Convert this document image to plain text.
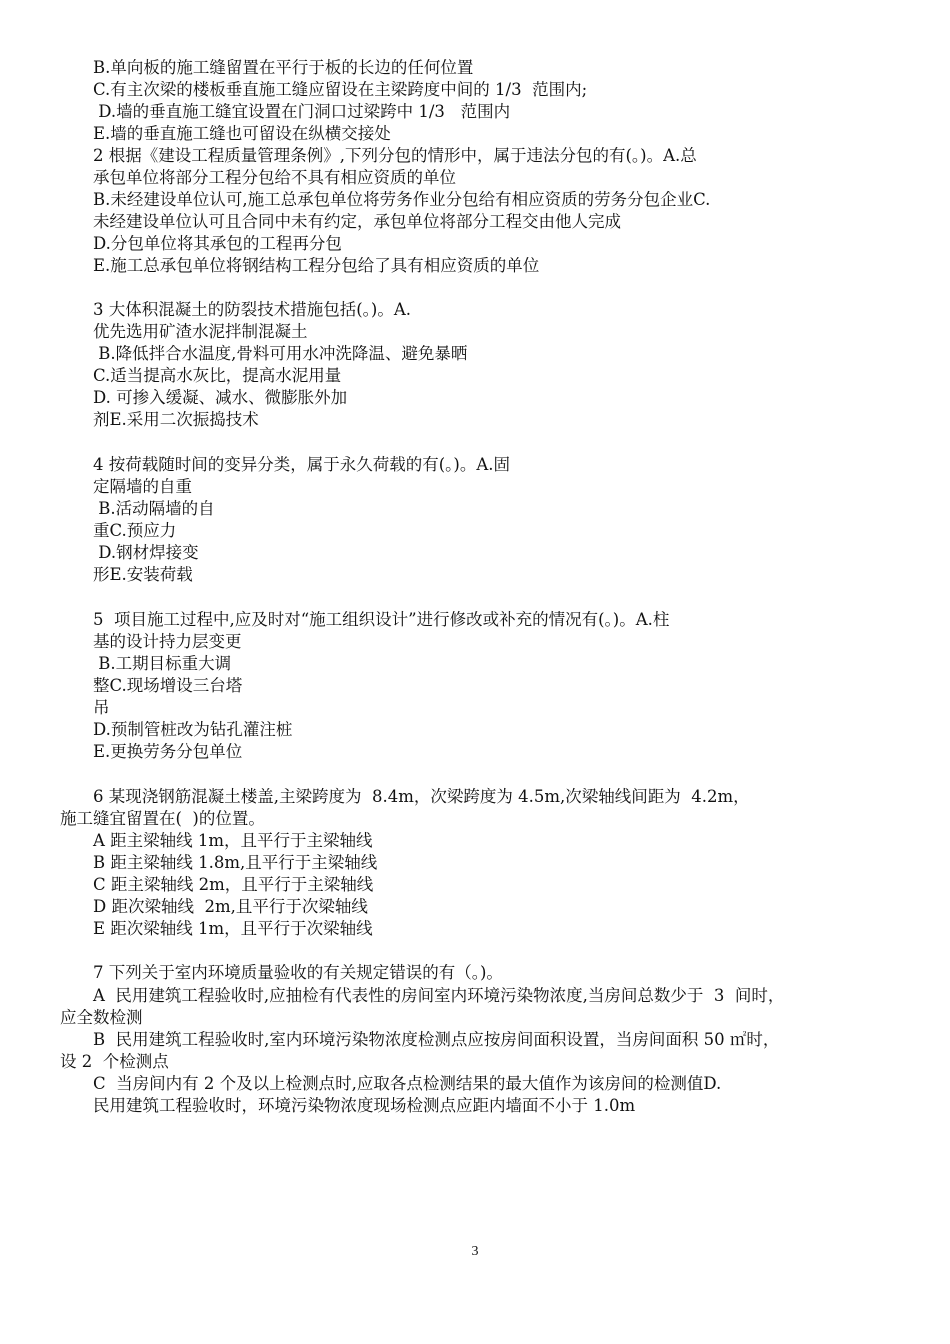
B.单向板的施工缝留置在平行于板的长边的任何位置
C.有主次梁的楼板垂直施工缝应留设在主梁跨度中间的 1/3  范围内;
D.墙的垂直施工缝宜设置在门洞口过梁跨中 1/3   范围内
E.墙的垂直施工缝也可留设在纵横交接处
2 根据《建设工程质量管理条例》,下列分包的情形中，属于违法分包的有(。)。A.总
承包单位将部分工程分包给不具有相应资质的单位
B.未经建设单位认可,施工总承包单位将劳务作业分包给有相应资质的劳务分包企业C.
未经建设单位认可且合同中未有约定，承包单位将部分工程交由他人完成
D.分包单位将其承包的工程再分包
E.施工总承包单位将钢结构工程分包给了具有相应资质的单位
3 大体积混凝土的防裂技术措施包括(。)。A.
优先选用矿渣水泥拌制混凝土
B.降低拌合水温度,骨料可用水冲洗降温、避免暴晒
C.适当提高水灰比，提高水泥用量
D. 可掺入缓凝、减水、微膨胀外加
剂E.采用二次振捣技术
4 按荷载随时间的变异分类，属于永久荷载的有(。)。A.固
定隔墙的自重
B.活动隔墙的自
重C.预应力
D.钢材焊接变
形E.安装荷载
5  项目施工过程中,应及时对“施工组织设计”进行修改或补充的情况有(。)。A.柱
基的设计持力层变更
B.工期目标重大调
整C.现场增设三台塔
吊
D.预制管桩改为钻孔灌注桩
E.更换劳务分包单位
6 某现浇钢筋混凝土楼盖,主梁跨度为  8.4m，次梁跨度为 4.5m,次梁轴线间距为  4.2m，
施工缝宜留置在(  )的位置。
A 距主梁轴线 1m，且平行于主梁轴线
B 距主梁轴线 1.8m,且平行于主梁轴线
C 距主梁轴线 2m，且平行于主梁轴线
D 距次梁轴线  2m,且平行于次梁轴线
E 距次梁轴线 1m，且平行于次梁轴线
7 下列关于室内环境质量验收的有关规定错误的有（。)。
A  民用建筑工程验收时,应抽检有代表性的房间室内环境污染物浓度,当房间总数少于  3  间时，
应全数检测
B  民用建筑工程验收时,室内环境污染物浓度检测点应按房间面积设置，当房间面积 50 ㎡时，
设 2  个检测点
C  当房间内有 2 个及以上检测点时,应取各点检测结果的最大值作为该房间的检测值D.
民用建筑工程验收时，环境污染物浓度现场检测点应距内墙面不小于 1.0m
3
